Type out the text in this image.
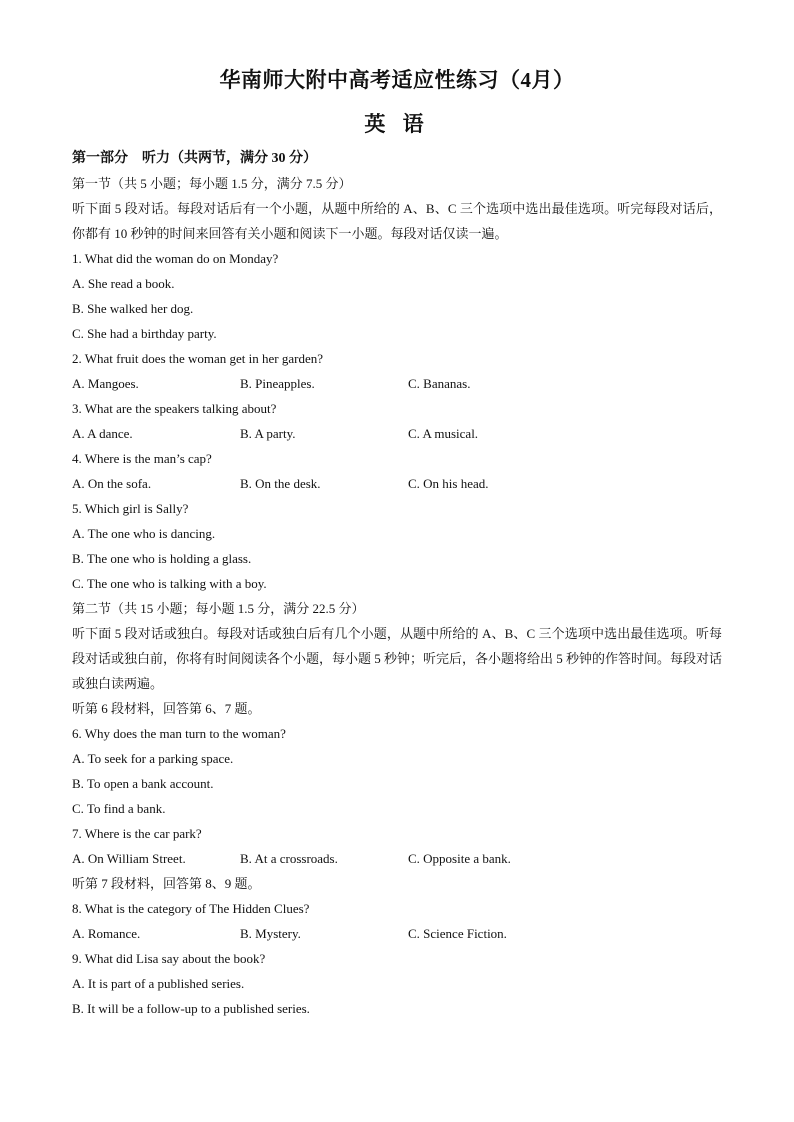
华南师大附中高考适应性练习（4月）
英 语
第一部分    听力（共两节，满分 30 分）
第一节（共 5 小题；每小题 1.5 分，满分 7.5 分）
听下面 5 段对话。每段对话后有一个小题，从题中所给的 A、B、C 三个选项中选出最佳选项。听完每段对话后，你都有 10 秒钟的时间来回答有关小题和阅读下一小题。每段对话仅读一遍。
1. What did the woman do on Monday?
A. She read a book.
B. She walked her dog.
C. She had a birthday party.
2. What fruit does the woman get in her garden?
A. Mangoes.	B. Pineapples.	C. Bananas.
3. What are the speakers talking about?
A. A dance.	B. A party.	C. A musical.
4. Where is the man’s cap?
A. On the sofa.	B. On the desk.	C. On his head.
5. Which girl is Sally?
A. The one who is dancing.
B. The one who is holding a glass.
C. The one who is talking with a boy.
第二节（共 15 小题；每小题 1.5 分，满分 22.5 分）
听下面 5 段对话或独白。每段对话或独白后有几个小题，从题中所给的 A、B、C 三个选项中选出最佳选项。听每段对话或独白前，你将有时间阅读各个小题，每小题 5 秒钟；听完后，各小题将给出 5 秒钟的作答时间。每段对话或独白读两遍。
听第 6 段材料，回答第 6、7 题。
6. Why does the man turn to the woman?
A. To seek for a parking space.
B. To open a bank account.
C. To find a bank.
7. Where is the car park?
A. On William Street.	B. At a crossroads.	C. Opposite a bank.
听第 7 段材料，回答第 8、9 题。
8. What is the category of The Hidden Clues?
A. Romance.	B. Mystery.	C. Science Fiction.
9. What did Lisa say about the book?
A. It is part of a published series.
B. It will be a follow-up to a published series.
